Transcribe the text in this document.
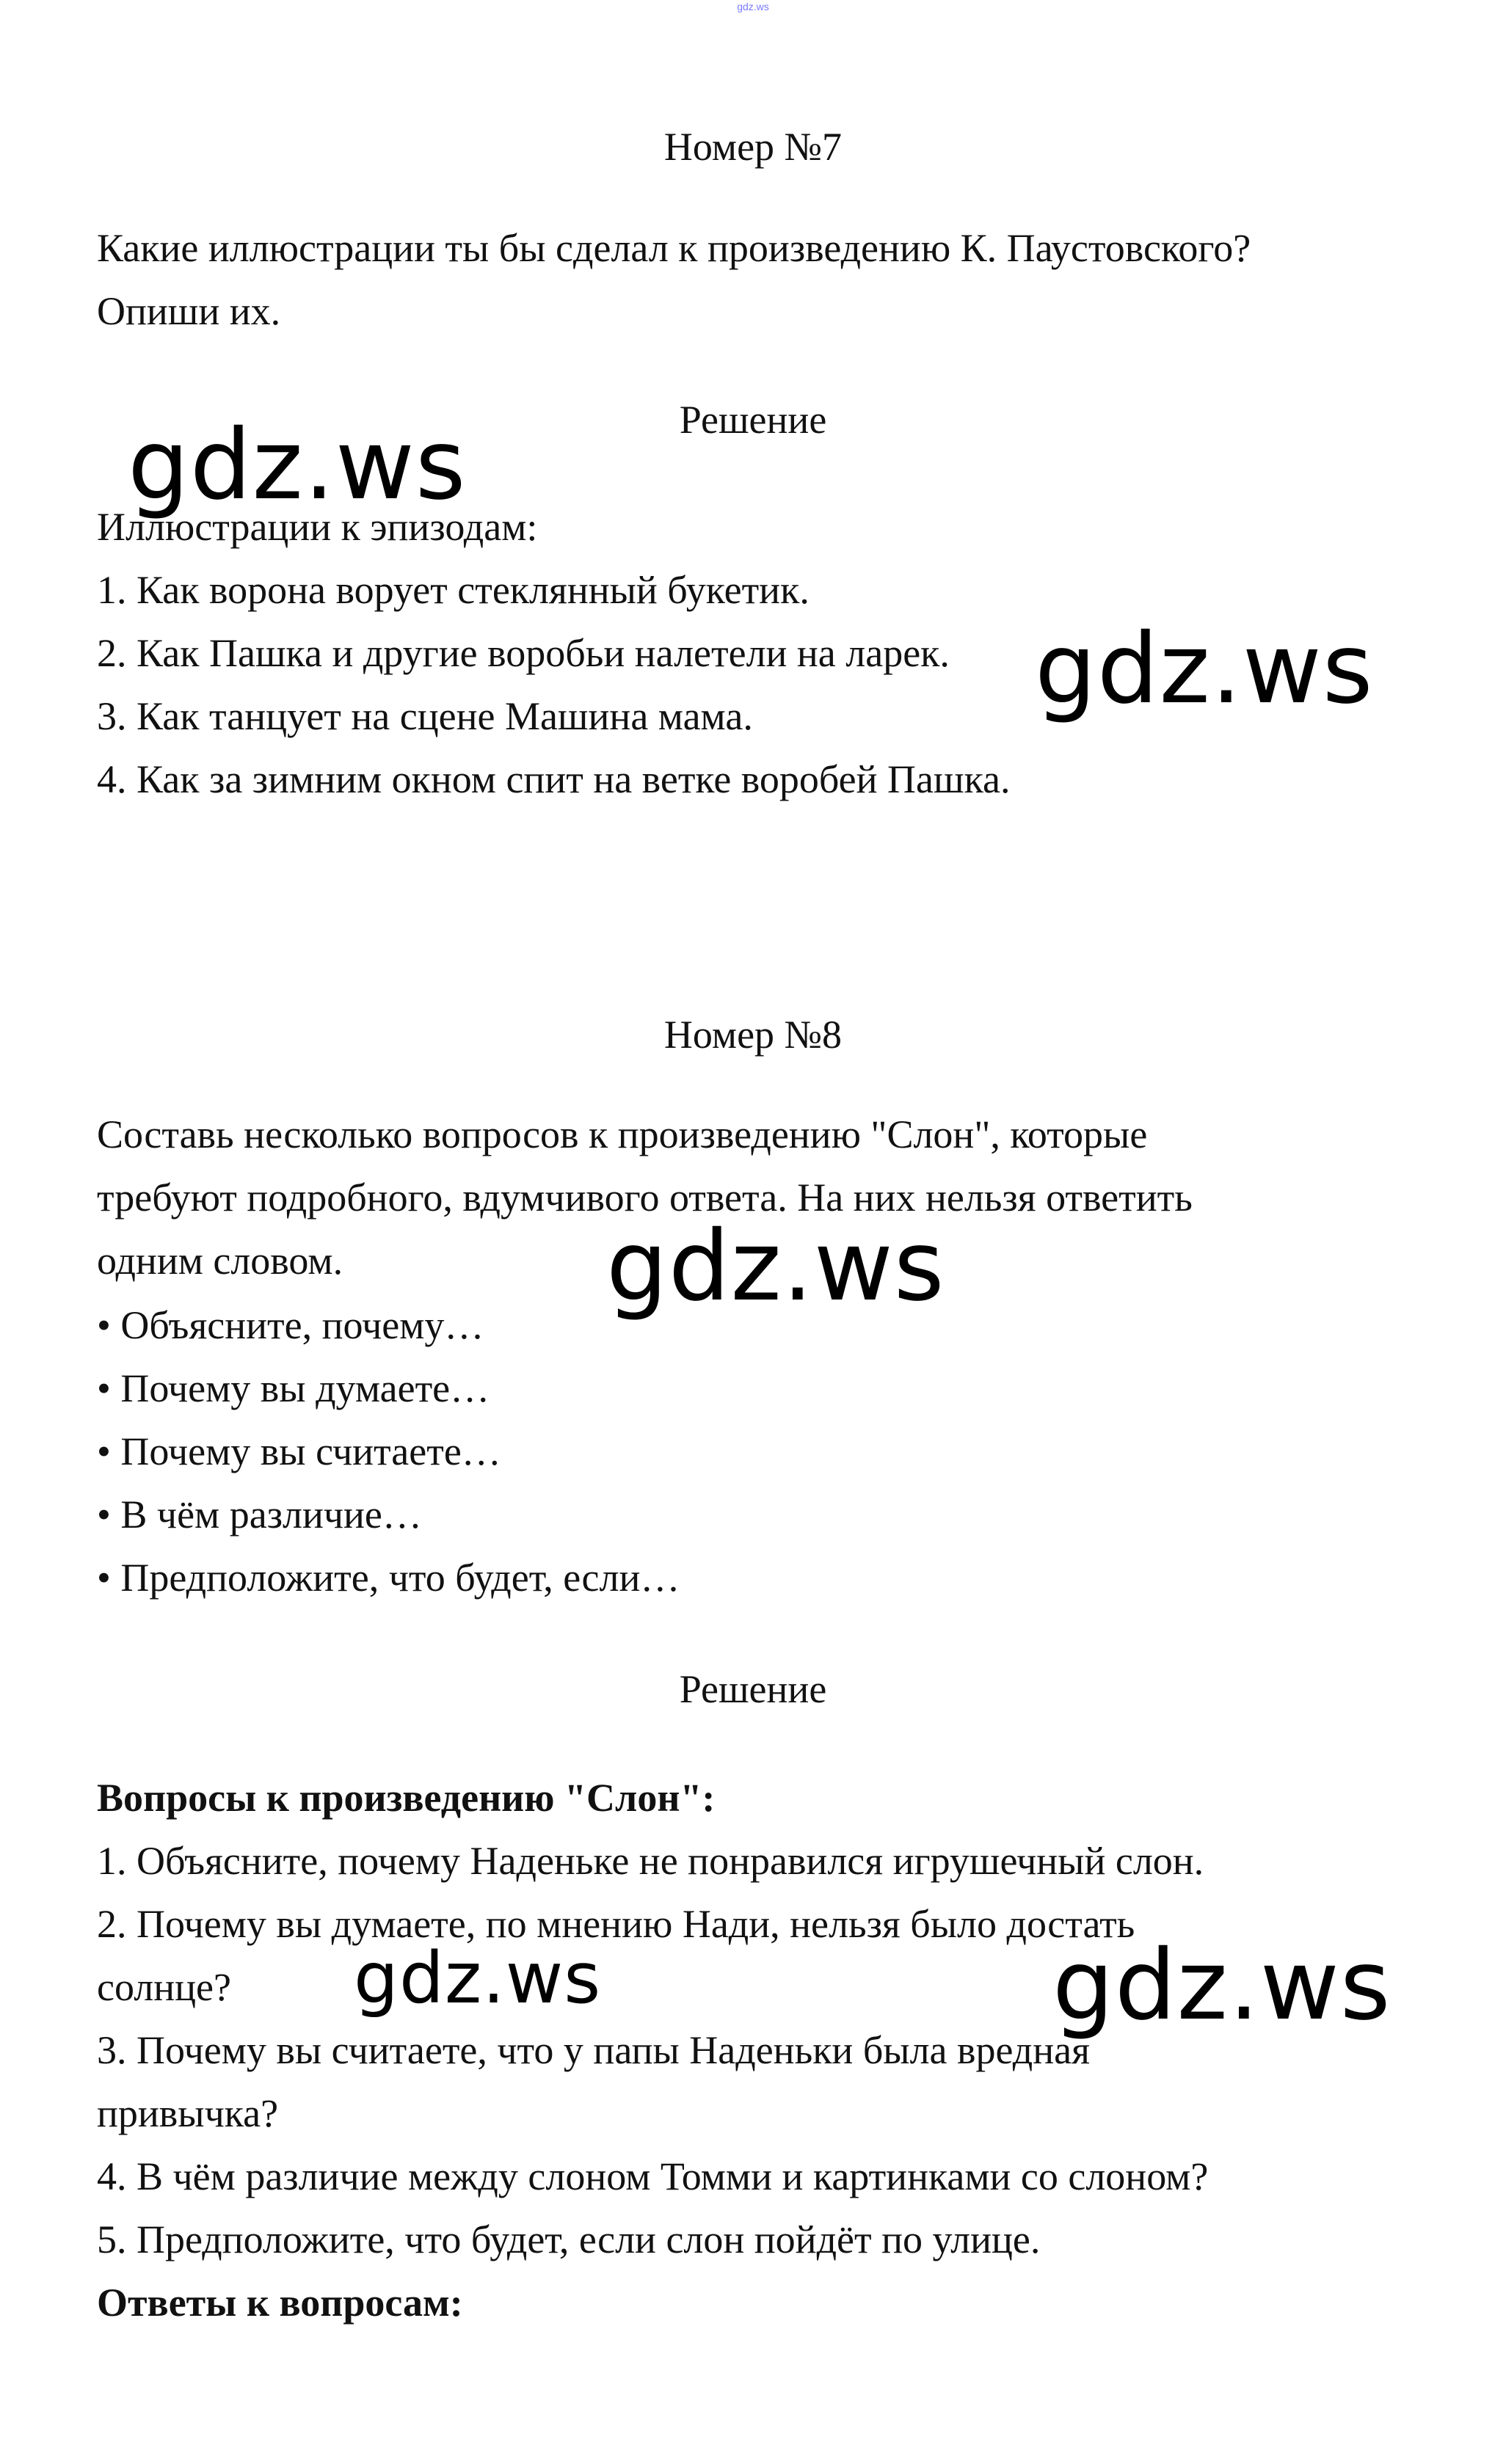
gdz.ws
Номер №7
Какие иллюстрации ты бы сделал к произведению К. Паустовского?
Опиши их.
Решение
Иллюстрации к эпизодам:
1. Как ворона ворует стеклянный букетик.
2. Как Пашка и другие воробьи налетели на ларек.
3. Как танцует на сцене Машина мама.
4. Как за зимним окном спит на ветке воробей Пашка.
Номер №8
Составь несколько вопросов к произведению "Слон", которые
требуют подробного, вдумчивого ответа. На них нельзя ответить
одним словом.
• Объясните, почему…
• Почему вы думаете…
• Почему вы считаете…
• В чём различие…
• Предположите, что будет, если…
Решение
Вопросы к произведению "Слон":
1. Объясните, почему Наденьке не понравился игрушечный слон.
2. Почему вы думаете, по мнению Нади, нельзя было достать
солнце?
3. Почему вы считаете, что у папы Наденьки была вредная
привычка?
4. В чём различие между слоном Томми и картинками со слоном?
5. Предположите, что будет, если слон пойдёт по улице.
Ответы к вопросам:
gdz.ws
gdz.ws
gdz.ws
gdz.ws	gdz.ws
